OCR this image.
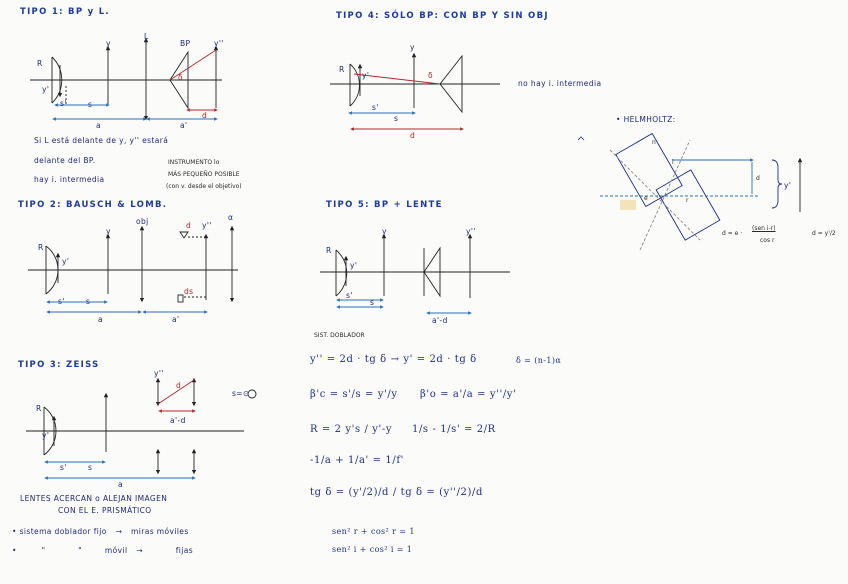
TIPO 1: BP y L.
R
y'
y
L
BP	y''
δ
s'	s
d
a	a'
Si L está delante de y, y'' estará
delante del BP.
hay i. intermedia
INSTRUMENTO lo
MÁS PEQUEÑO POSIBLE
(con v. desde el objetivo)
TIPO 4: SÓLO BP: CON BP Y SIN OBJ
R
y'
y
δ
s'
s
d
no hay i. intermedia
TIPO 2: BAUSCH & LOMB.
R
y'
y
obj	d y''
α
ds
s'	s
a	a'
TIPO 5: BP + LENTE
R
y'
y	y''
s'
s
a'-d
TIPO 3: ZEISS
R
y'
y''
d
a'-d
s=⊙
s'	s
a
LENTES ACERCAN o ALEJAN IMAGEN
CON EL E. PRISMÁTICO
• sistema doblador fijo → miras móviles
•	"	"	móvil →	fijas
• HELMHOLTZ:
n
i
e	r
d
y'
d = e ·
(sen i-r)
cos r
d = y'/2
SIST. DOBLADOR
y'' = 2d · tg δ → y' = 2d · tg δ	δ = (n-1)α
β'c = s'/s = y'/y β'o = a'/a = y''/y'
R = 2 y's / y'-y 1/s - 1/s' = 2/R
-1/a + 1/a' = 1/f'
tg δ = (y'/2)/d / tg δ = (y''/2)/d
sen² r + cos² r = 1
sen² i + cos² i = 1
